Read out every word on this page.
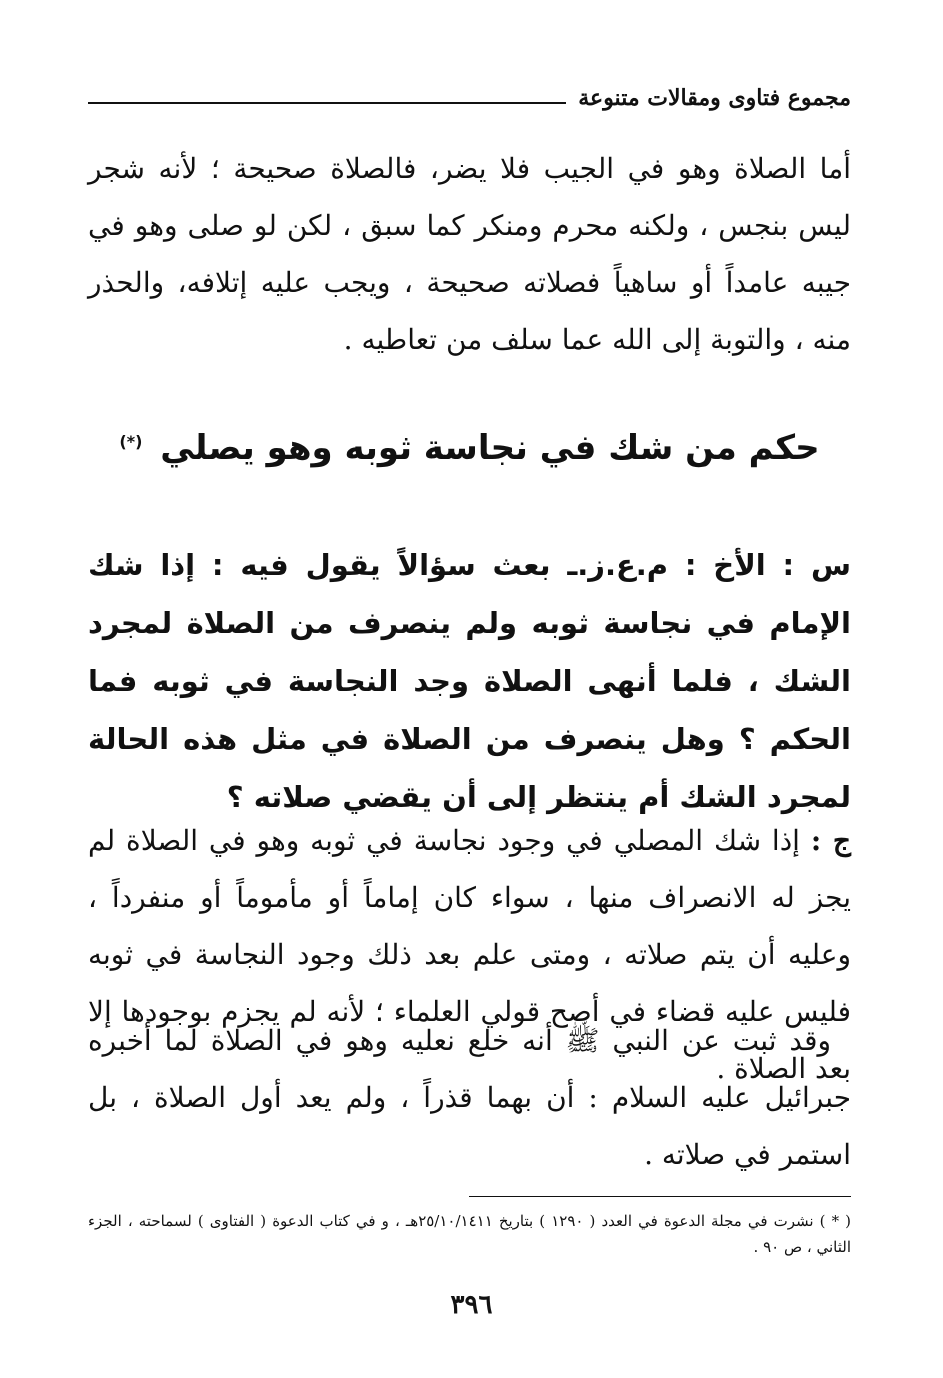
مجموع فتاوى ومقالات متنوعة

أما الصلاة وهو في الجيب فلا يضر، فالصلاة صحيحة ؛ لأنه شجر ليس بنجس ، ولكنه محرم ومنكر كما سبق ، لكن لو صلى وهو في جيبه عامداً أو ساهياً فصلاته صحيحة ، ويجب عليه إتلافه، والحذر منه ، والتوبة إلى الله عما سلف من تعاطيه .

حكم من شك في نجاسة ثوبه وهو يصلي (*)

س : الأخ : م.ع.ز.ـ بعث سؤالاً يقول فيه : إذا شك الإمام في نجاسة ثوبه ولم ينصرف من الصلاة لمجرد الشك ، فلما أنهى الصلاة وجد النجاسة في ثوبه فما الحكم ؟ وهل ينصرف من الصلاة في مثل هذه الحالة لمجرد الشك أم ينتظر إلى أن يقضي صلاته ؟

ج : إذا شك المصلي في وجود نجاسة في ثوبه وهو في الصلاة لم يجز له الانصراف منها ، سواء كان إماماً أو مأموماً أو منفرداً ، وعليه أن يتم صلاته ، ومتى علم بعد ذلك وجود النجاسة في ثوبه فليس عليه قضاء في أصح قولي العلماء ؛ لأنه لم يجزم بوجودها إلا بعد الصلاة .

وقد ثبت عن النبي ﷺ أنه خلع نعليه وهو في الصلاة لما أخبره جبرائيل عليه السلام : أن بهما قذراً ، ولم يعد أول الصلاة ، بل استمر في صلاته .

( * ) نشرت في مجلة الدعوة في العدد ( ١٢٩٠ ) بتاريخ ٢٥/١٠/١٤١١هـ ، و في كتاب الدعوة ( الفتاوى ) لسماحته ، الجزء الثاني ، ص ٩٠ .

٣٩٦
